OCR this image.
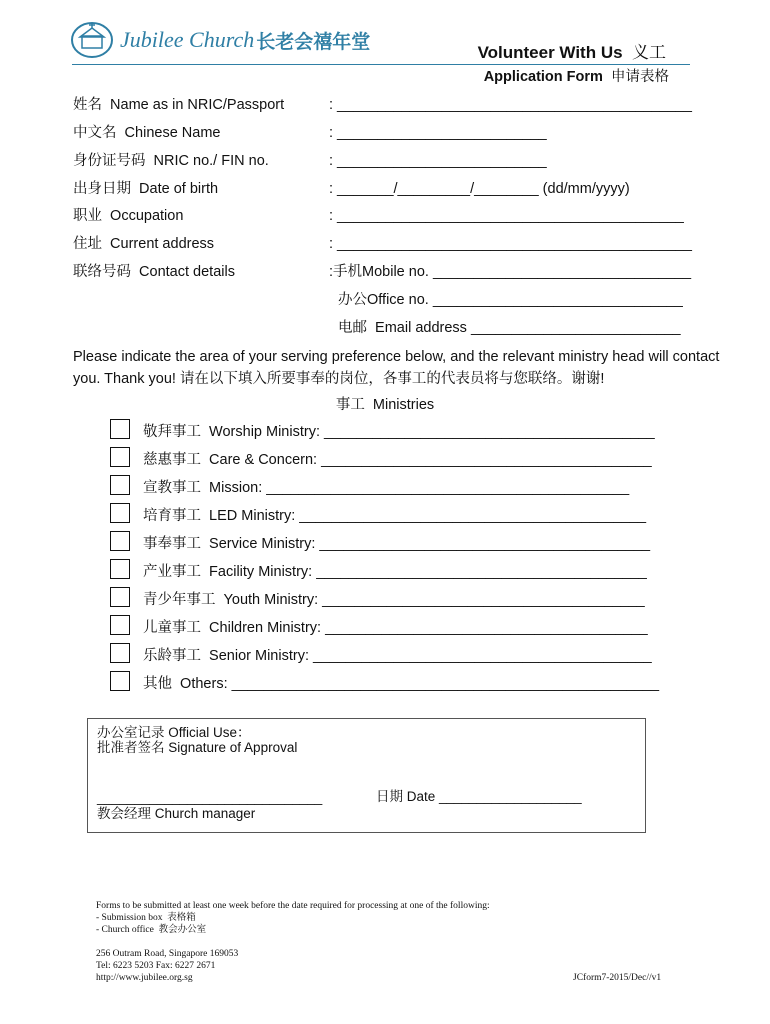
Jubilee Church 长老会禧年堂	Volunteer With Us 义工
Application Form 申请表格
姓名  Name as in NRIC/Passport	: ____________________________________________
中文名  Chinese Name	: __________________________
身份证号码  NRIC no./ FIN no.	: __________________________
出身日期  Date of birth	: _______/_________/________ (dd/mm/yyyy)
职业  Occupation	: ___________________________________________
住址  Current address	: ____________________________________________
联络号码  Contact details	:手机Mobile no. ________________________________
办公Office no. _______________________________
电邮  Email address __________________________
Please indicate the area of your serving preference below, and the relevant ministry head will contact you. Thank you! 请在以下填入所要事奉的岗位，各事工的代表员将与您联络。谢谢!
事工  Ministries
敬拜事工  Worship Ministry: _________________________________________
慈惠事工  Care & Concern: _________________________________________
宣教事工  Mission: _____________________________________________
培育事工  LED Ministry: ___________________________________________
事奉事工  Service Ministry: _________________________________________
产业事工  Facility Ministry: _________________________________________
青少年事工  Youth Ministry: ________________________________________
儿童事工  Children Ministry: ________________________________________
乐龄事工  Senior Ministry: __________________________________________
其他  Others: _____________________________________________________
办公室记录 Official Use：
批准者签名 Signature of Approval
______________________________	日期 Date ___________________
教会经理 Church manager
Forms to be submitted at least one week before the date required for processing at one of the following:
- Submission box  表格箱
- Church office  教会办公室
256 Outram Road, Singapore 169053
Tel: 6223 5203 Fax: 6227 2671
http://www.jubilee.org.sg	JCform7-2015/Dec//v1
